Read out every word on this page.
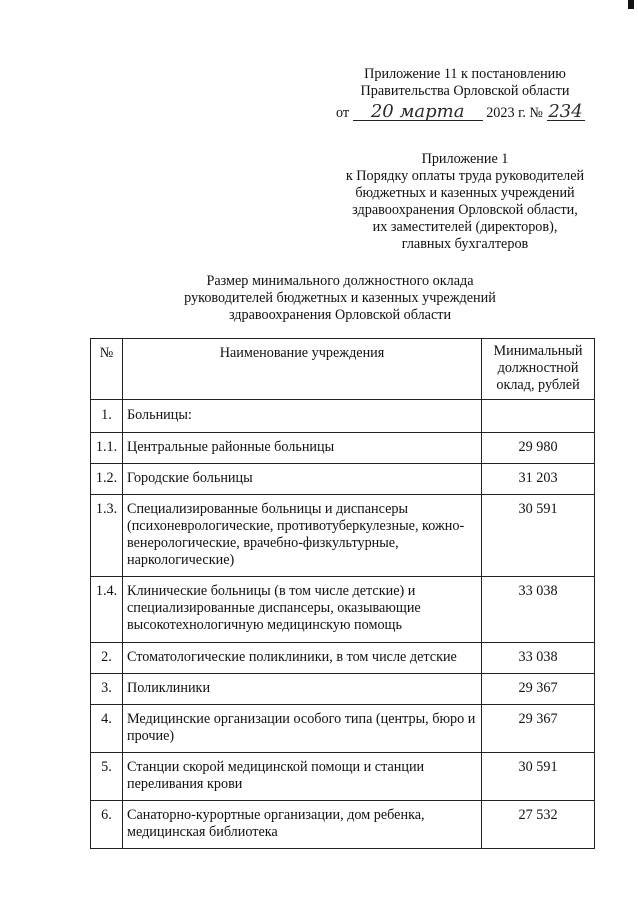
Приложение 11 к постановлению
Правительства Орловской области
от 20 марта 2023 г. № 234
Приложение 1
к Порядку оплаты труда руководителей
бюджетных и казенных учреждений
здравоохранения Орловской области,
их заместителей (директоров),
главных бухгалтеров
Размер минимального должностного оклада
руководителей бюджетных и казенных учреждений
здравоохранения Орловской области
№	Наименование учреждения	Минимальный должностной оклад, рублей
1.	Больницы:	
1.1.	Центральные районные больницы	29 980
1.2.	Городские больницы	31 203
1.3.	Специализированные больницы и диспансеры (психоневрологические, противотуберкулезные, кожно-венерологические, врачебно-физкультурные, наркологические)	30 591
1.4.	Клинические больницы (в том числе детские) и специализированные диспансеры, оказывающие высокотехнологичную медицинскую помощь	33 038
2.	Стоматологические поликлиники, в том числе детские	33 038
3.	Поликлиники	29 367
4.	Медицинские организации особого типа (центры, бюро и прочие)	29 367
5.	Станции скорой медицинской помощи и станции переливания крови	30 591
6.	Санаторно-курортные организации, дом ребенка, медицинская библиотека	27 532
